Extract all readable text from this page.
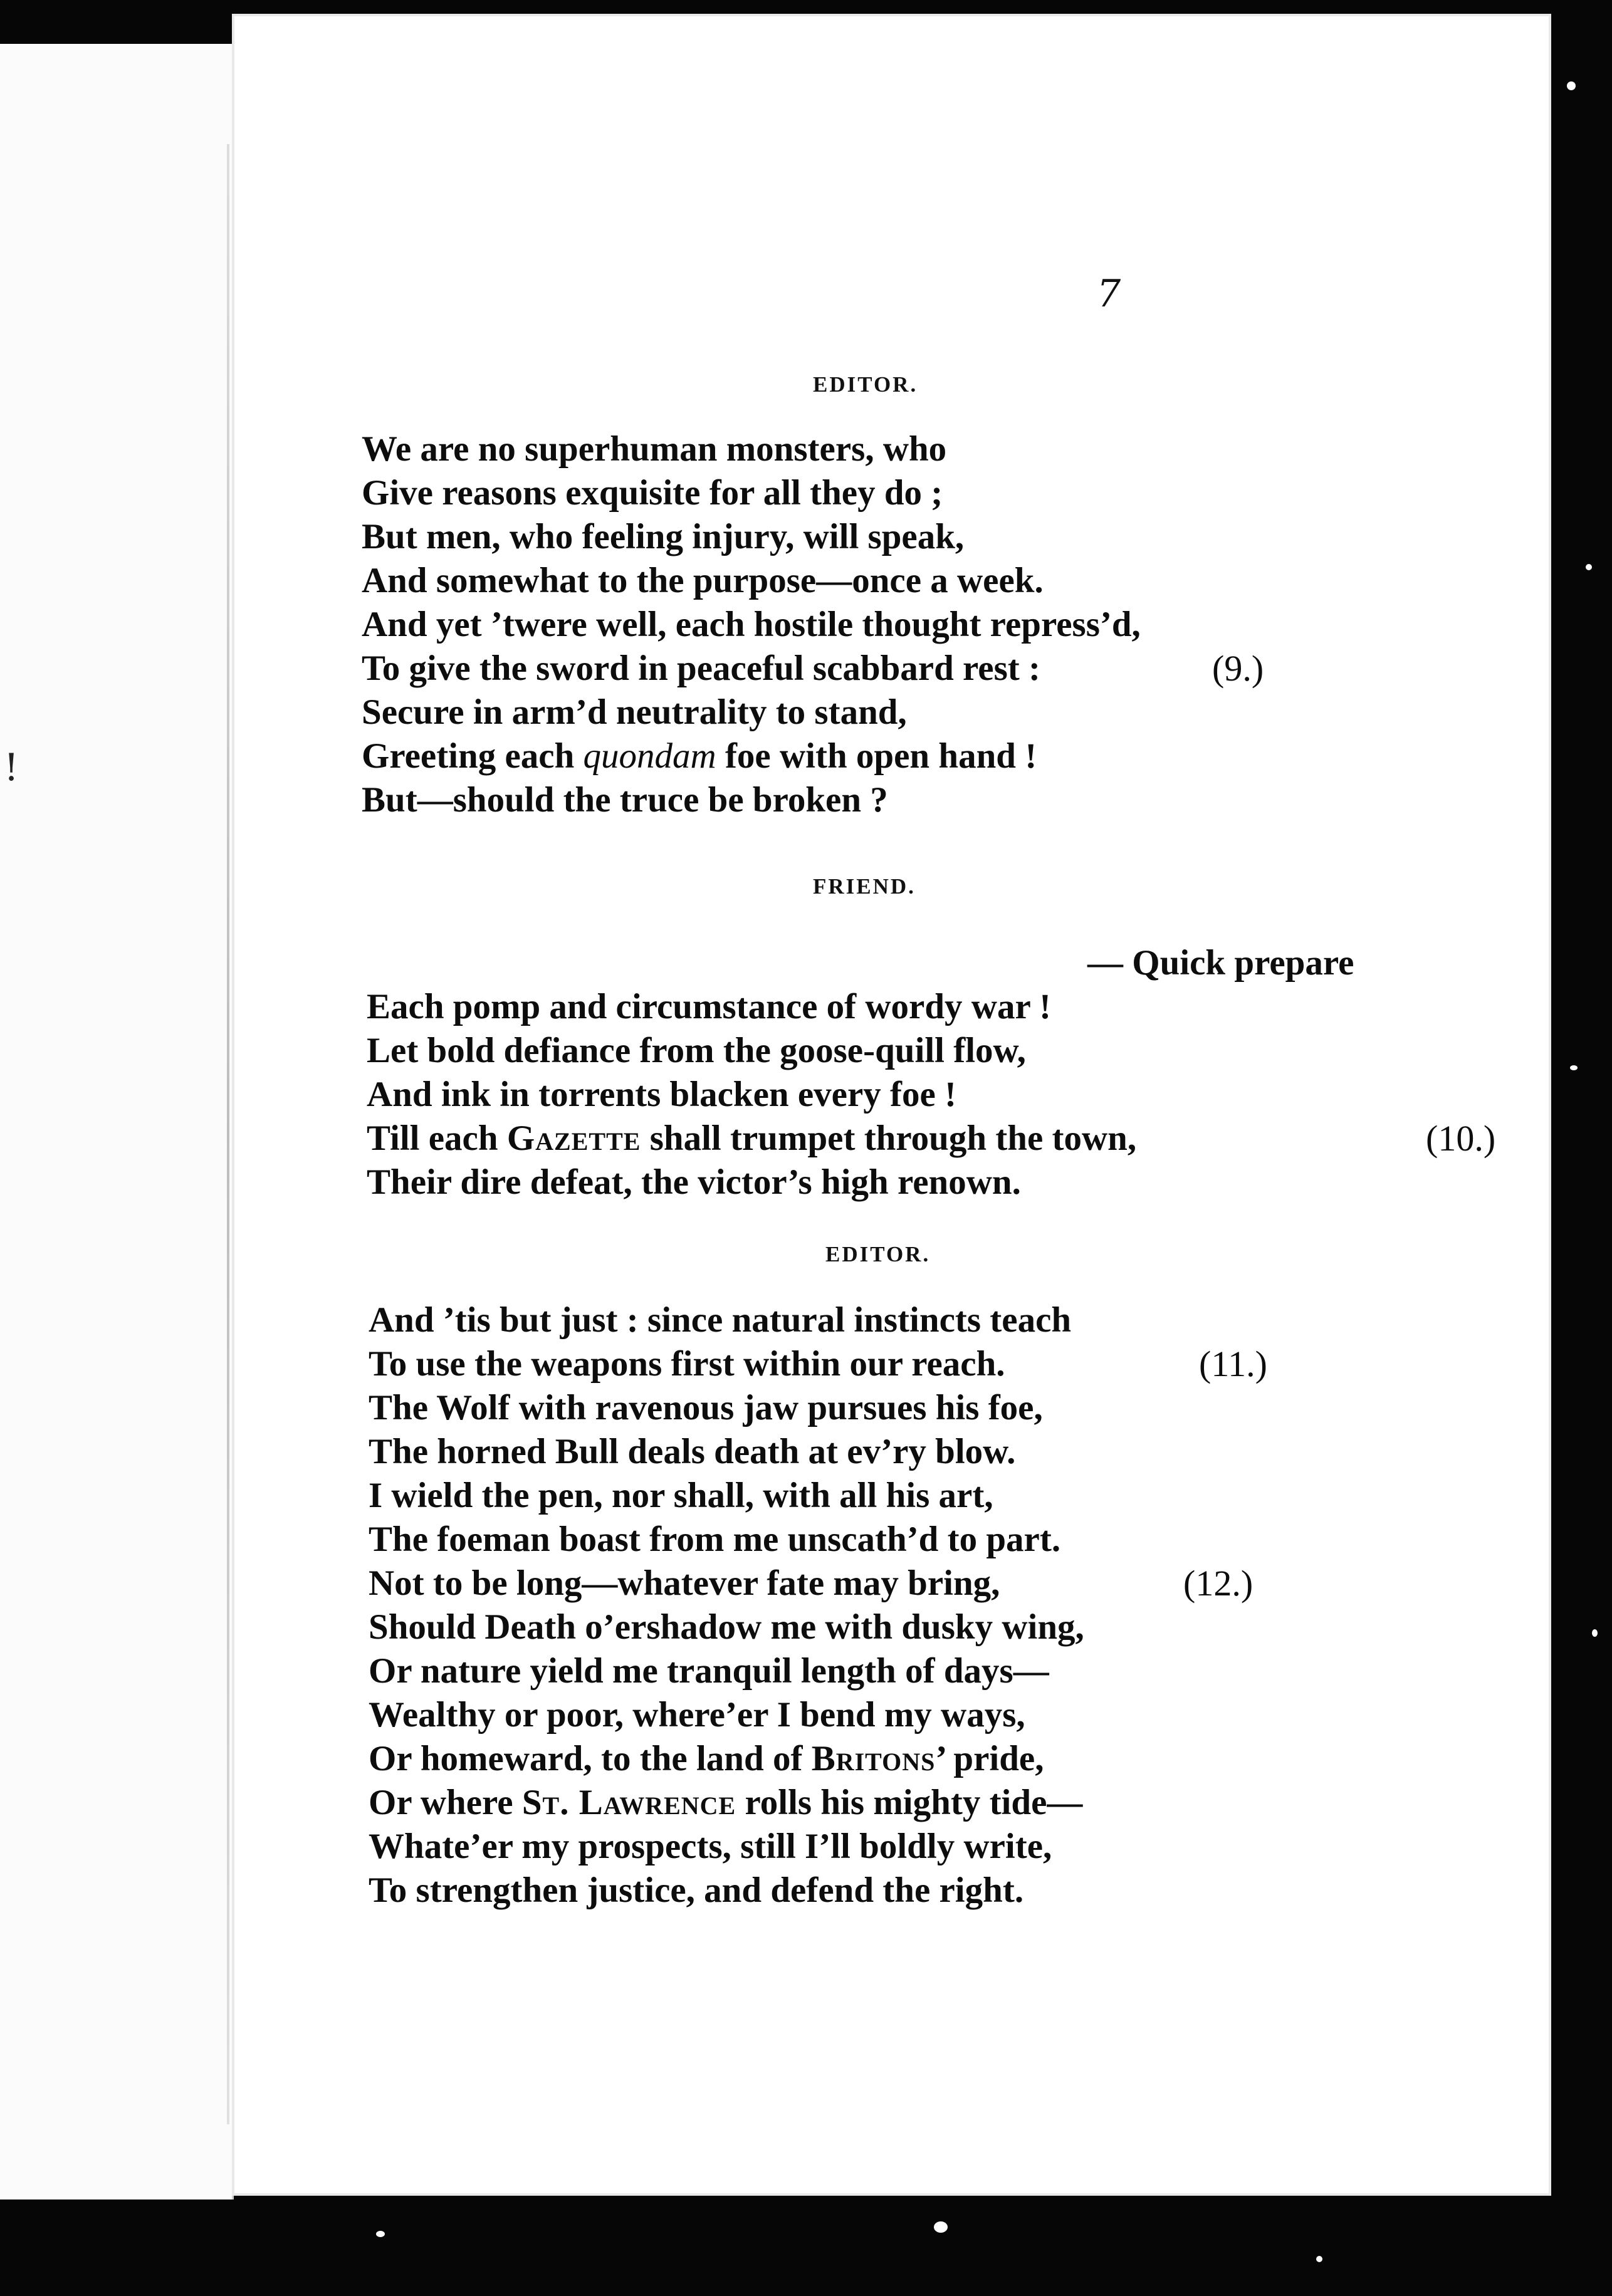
!
7
EDITOR.
We are no superhuman monsters, who
Give reasons exquisite for all they do ;
But men, who feeling injury, will speak,
And somewhat to the purpose—once a week.
And yet ’twere well, each hostile thought repress’d,
To give the sword in peaceful scabbard rest :	(9.)
Secure in arm’d neutrality to stand,
Greeting each quondam foe with open hand !
But—should the truce be broken ?
FRIEND.
— Quick prepare
Each pomp and circumstance of wordy war !
Let bold defiance from the goose-quill flow,
And ink in torrents blacken every foe !
Till each Gazette shall trumpet through the town,	(10.)
Their dire defeat, the victor’s high renown.
EDITOR.
And ’tis but just : since natural instincts teach
To use the weapons first within our reach.	(11.)
The Wolf with ravenous jaw pursues his foe,
The horned Bull deals death at ev’ry blow.
I wield the pen, nor shall, with all his art,
The foeman boast from me unscath’d to part.
Not to be long—whatever fate may bring,	(12.)
Should Death o’ershadow me with dusky wing,
Or nature yield me tranquil length of days—
Wealthy or poor, where’er I bend my ways,
Or homeward, to the land of Britons’ pride,
Or where St. Lawrence rolls his mighty tide—
Whate’er my prospects, still I’ll boldly write,
To strengthen justice, and defend the right.
